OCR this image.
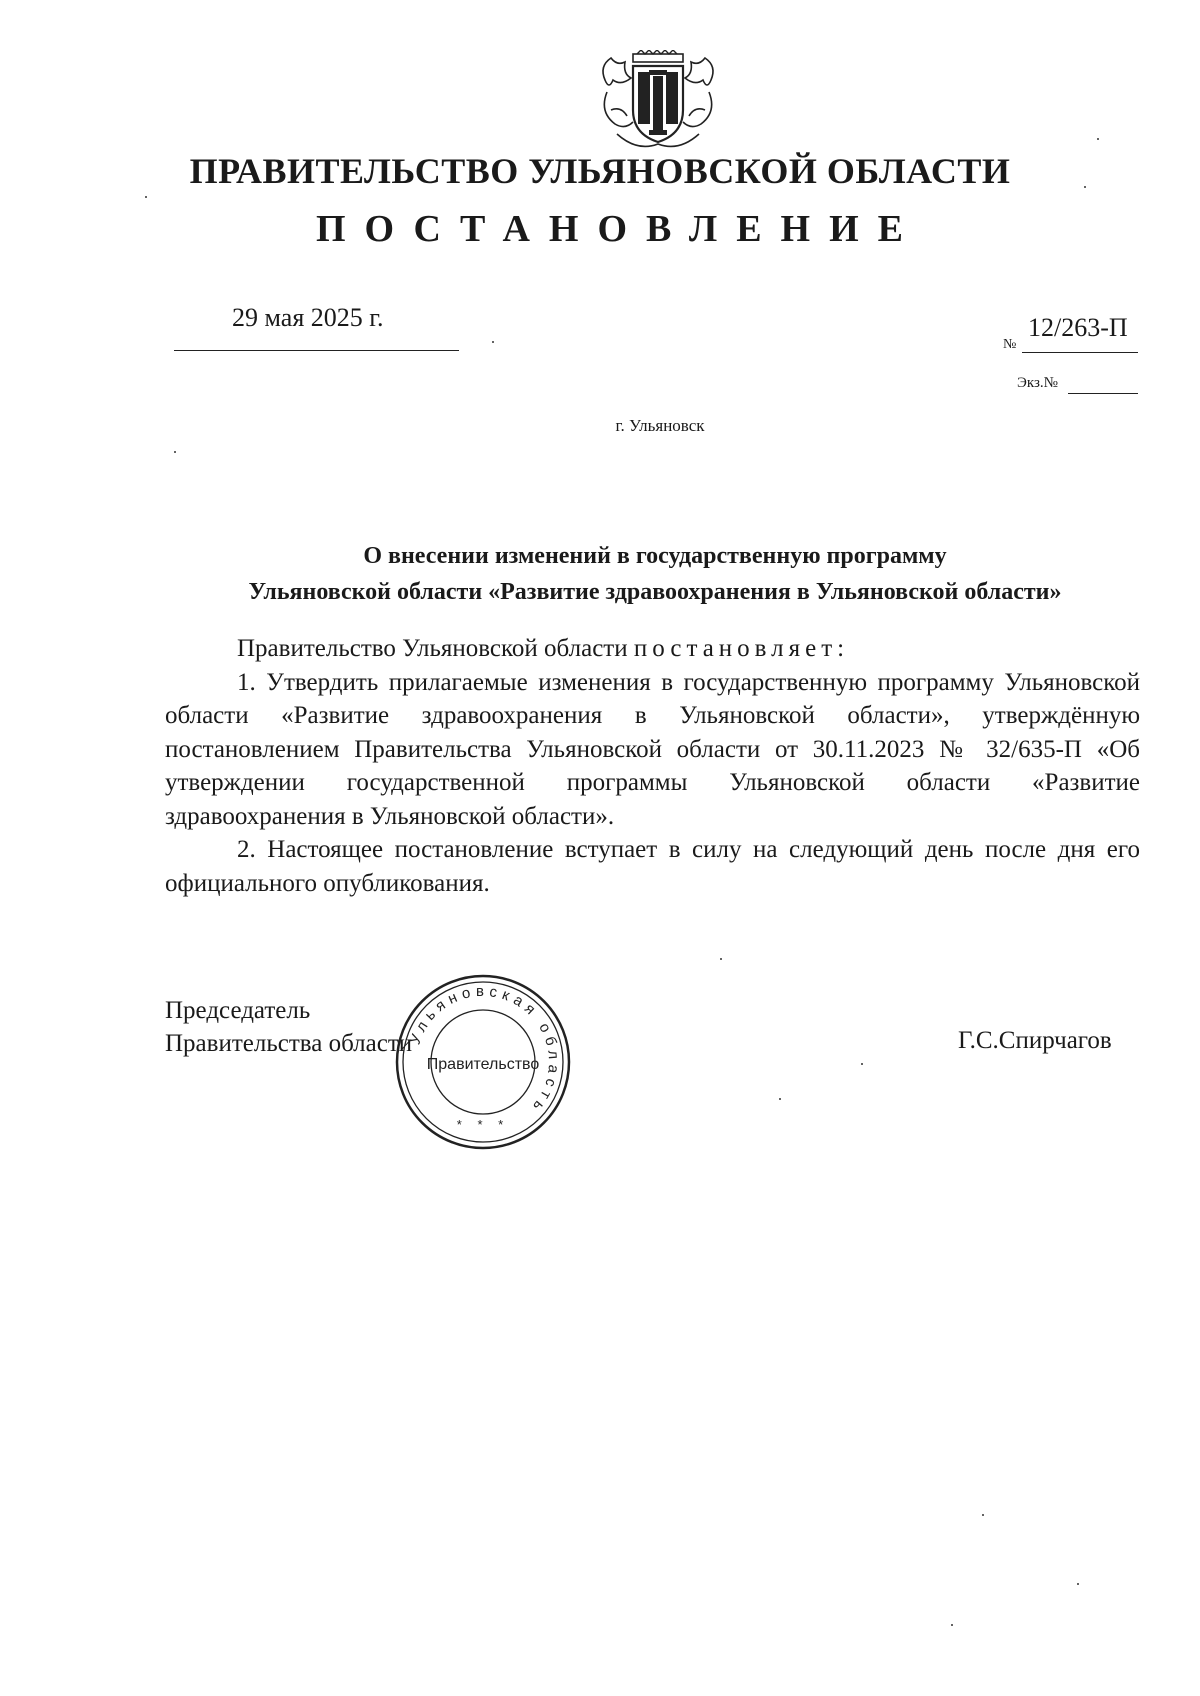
ПРАВИТЕЛЬСТВО УЛЬЯНОВСКОЙ ОБЛАСТИ
ПОСТАНОВЛЕНИЕ
29 мая 2025 г.
№
12/263-П
Экз.№
г. Ульяновск
О внесении изменений в государственную программу
Ульяновской области «Развитие здравоохранения в Ульяновской области»

Правительство Ульяновской области постановляет:

1. Утвердить прилагаемые изменения в государственную программу Ульяновской области «Развитие здравоохранения в Ульяновской области», утверждённую постановлением Правительства Ульяновской области от 30.11.2023 № 32/635-П «Об утверждении государственной программы Ульяновской области «Развитие здравоохранения в Ульяновской области».

2. Настоящее постановление вступает в силу на следующий день после дня его официального опубликования.

Председатель
Правительства области	Г.С.Спирчагов
Ульяновская область
Правительство
* * *
